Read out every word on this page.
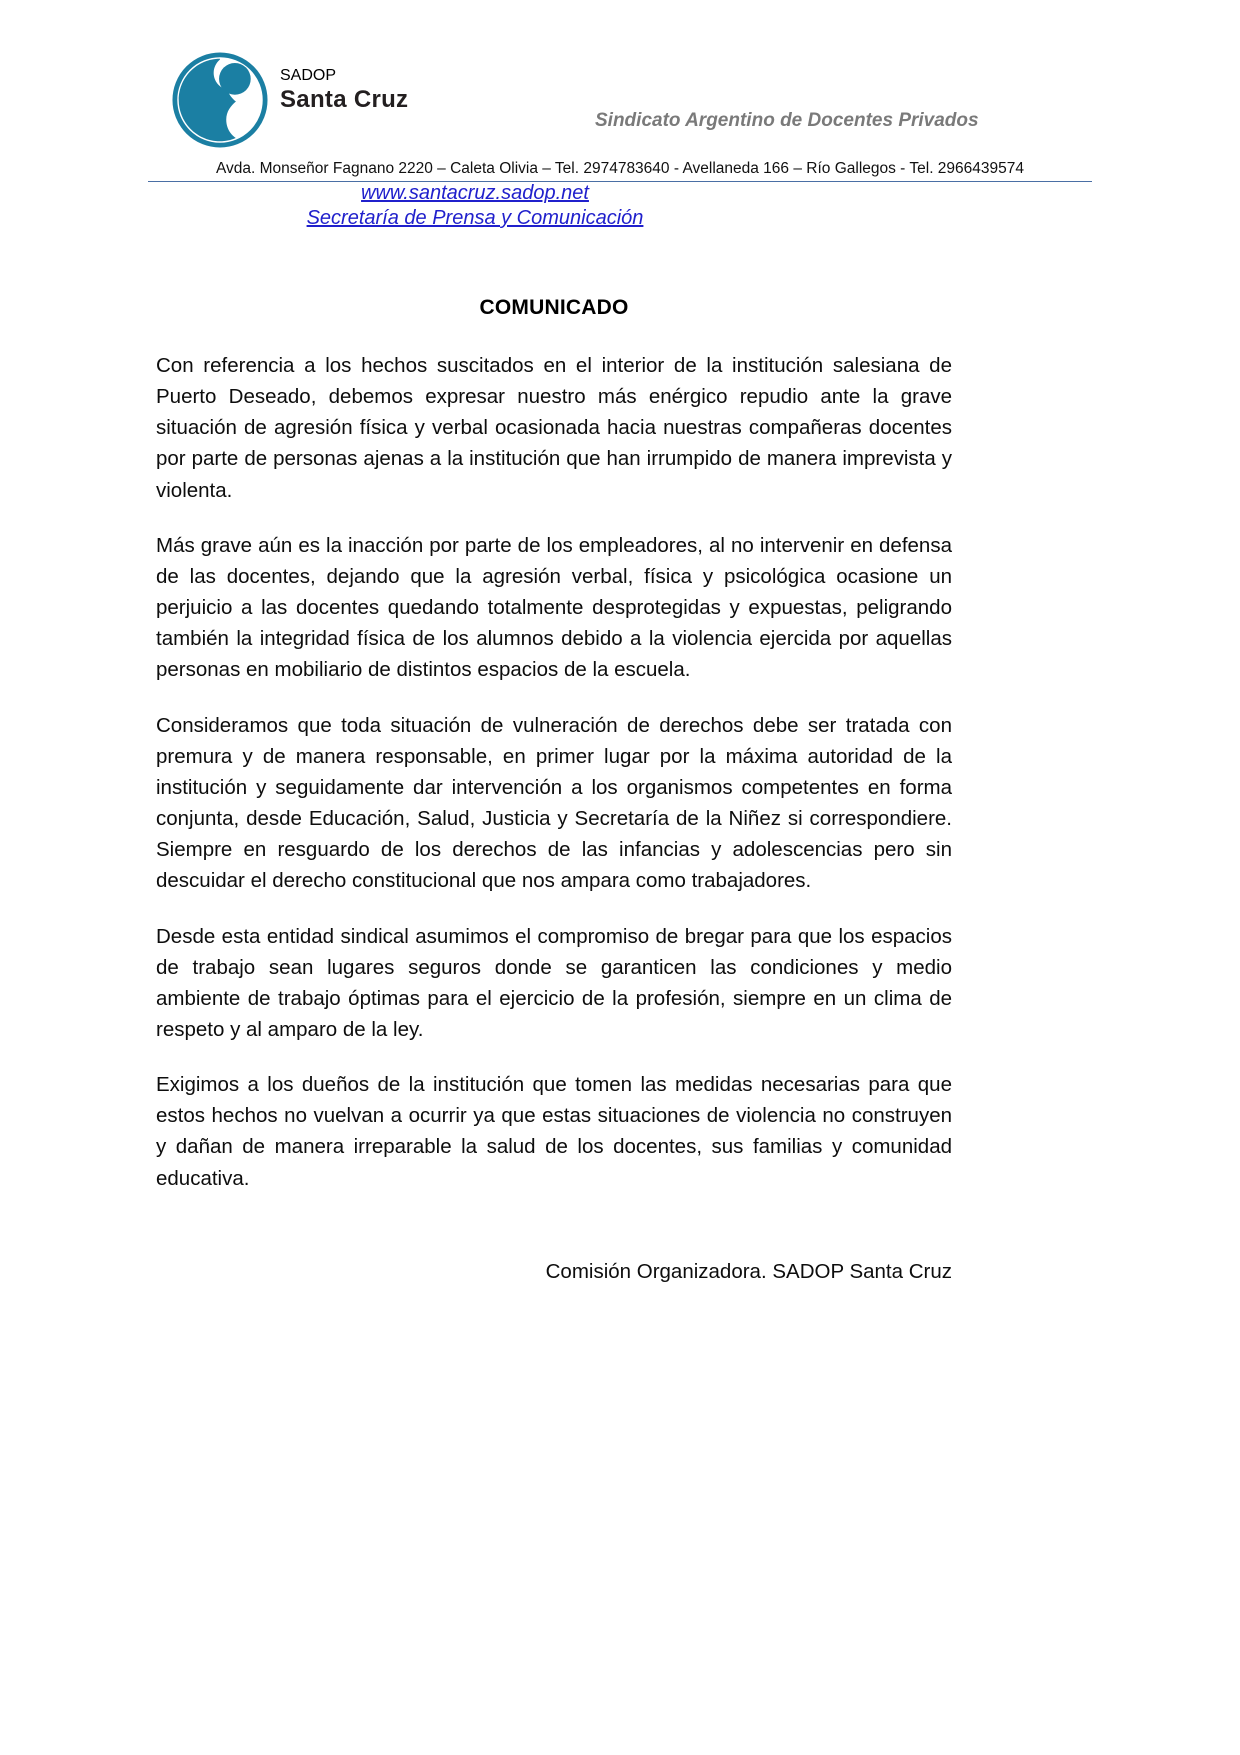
SADOP
Santa Cruz
Sindicato Argentino de Docentes Privados
Avda. Monseñor Fagnano 2220 – Caleta Olivia – Tel. 2974783640 - Avellaneda 166 – Río Gallegos - Tel. 2966439574
www.santacruz.sadop.net
Secretaría de Prensa y Comunicación
COMUNICADO

Con referencia a los hechos suscitados en el interior de la institución salesiana de Puerto Deseado, debemos expresar nuestro más enérgico repudio ante la grave situación de agresión física y verbal ocasionada hacia nuestras compañeras docentes por parte de personas ajenas a la institución que han irrumpido de manera imprevista y violenta.

Más grave aún es la inacción por parte de los empleadores, al no intervenir en defensa de las docentes, dejando que la agresión verbal, física y psicológica ocasione un perjuicio a las docentes quedando totalmente desprotegidas y expuestas, peligrando también la integridad física de los alumnos debido a la violencia ejercida por aquellas personas en mobiliario de distintos espacios de la escuela.

Consideramos que toda situación de vulneración de derechos debe ser tratada con premura y de manera responsable, en primer lugar por la máxima autoridad de la institución y seguidamente dar intervención a los organismos competentes en forma conjunta, desde Educación, Salud, Justicia y Secretaría de la Niñez si correspondiere. Siempre en resguardo de los derechos de las infancias y adolescencias pero sin descuidar el derecho constitucional que nos ampara como trabajadores.

Desde esta entidad sindical asumimos el compromiso de bregar para que los espacios de trabajo sean lugares seguros donde se garanticen las condiciones y medio ambiente de trabajo óptimas para el ejercicio de la profesión, siempre en un clima de respeto y al amparo de la ley.

Exigimos a los dueños de la institución que tomen las medidas necesarias para que estos hechos no vuelvan a ocurrir ya que estas situaciones de violencia no construyen y dañan de manera irreparable la salud de los docentes, sus familias y comunidad educativa.

Comisión Organizadora. SADOP Santa Cruz
